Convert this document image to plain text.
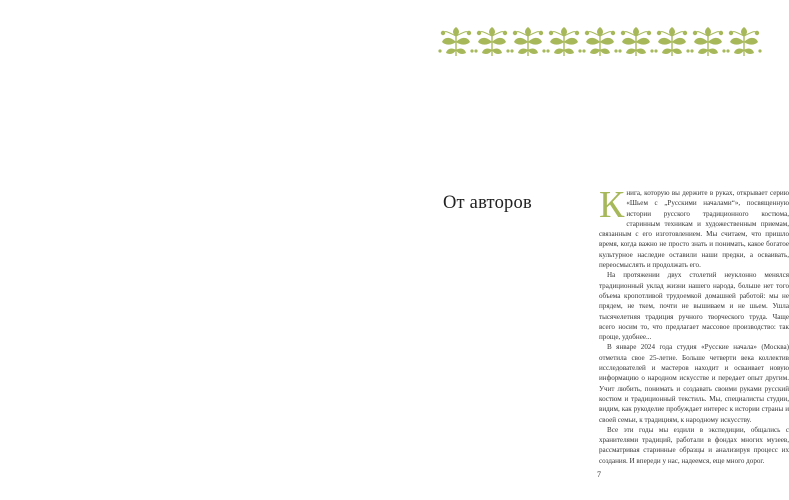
От авторов Книга, которую вы держите в руках, открывает серию «Шьем с „Русскими началами“», посвященную истории русского традиционного костюма, старинным техникам и художественным приемам, связанным с его изготовлением. Мы считаем, что пришло время, когда важно не просто знать и понимать, какое богатое культурное наследие оставили наши предки, а осваивать, переосмыслять и продолжать его.

На протяжении двух столетий неуклонно менялся традиционный уклад жизни нашего народа, больше нет того объема кропотливой трудоемкой домашней работой: мы не прядем, не ткем, почти не вышиваем и не шьем. Ушла тысячелетняя традиция ручного творческого труда. Чаще всего носим то, что предлагает массовое производство: так проще, удобнее...

В январе 2024 года студия «Русские начала» (Москва) отметила свое 25-летие. Больше четверти века коллектив исследователей и мастеров находит и осваивает новую информацию о народном искусстве и передает опыт другим. Учит любить, понимать и создавать своими руками русский костюм и традиционный текстиль. Мы, специалисты студии, видим, как рукоделие пробуждает интерес к истории страны и своей семьи, к традициям, к народному искусству.

Все эти годы мы ездили в экспедиции, общались с хранителями традиций, работали в фондах многих музеев, рассматривая старинные образцы и анализируя процесс их создания. И впереди у нас, надеемся, еще много дорог.

7
